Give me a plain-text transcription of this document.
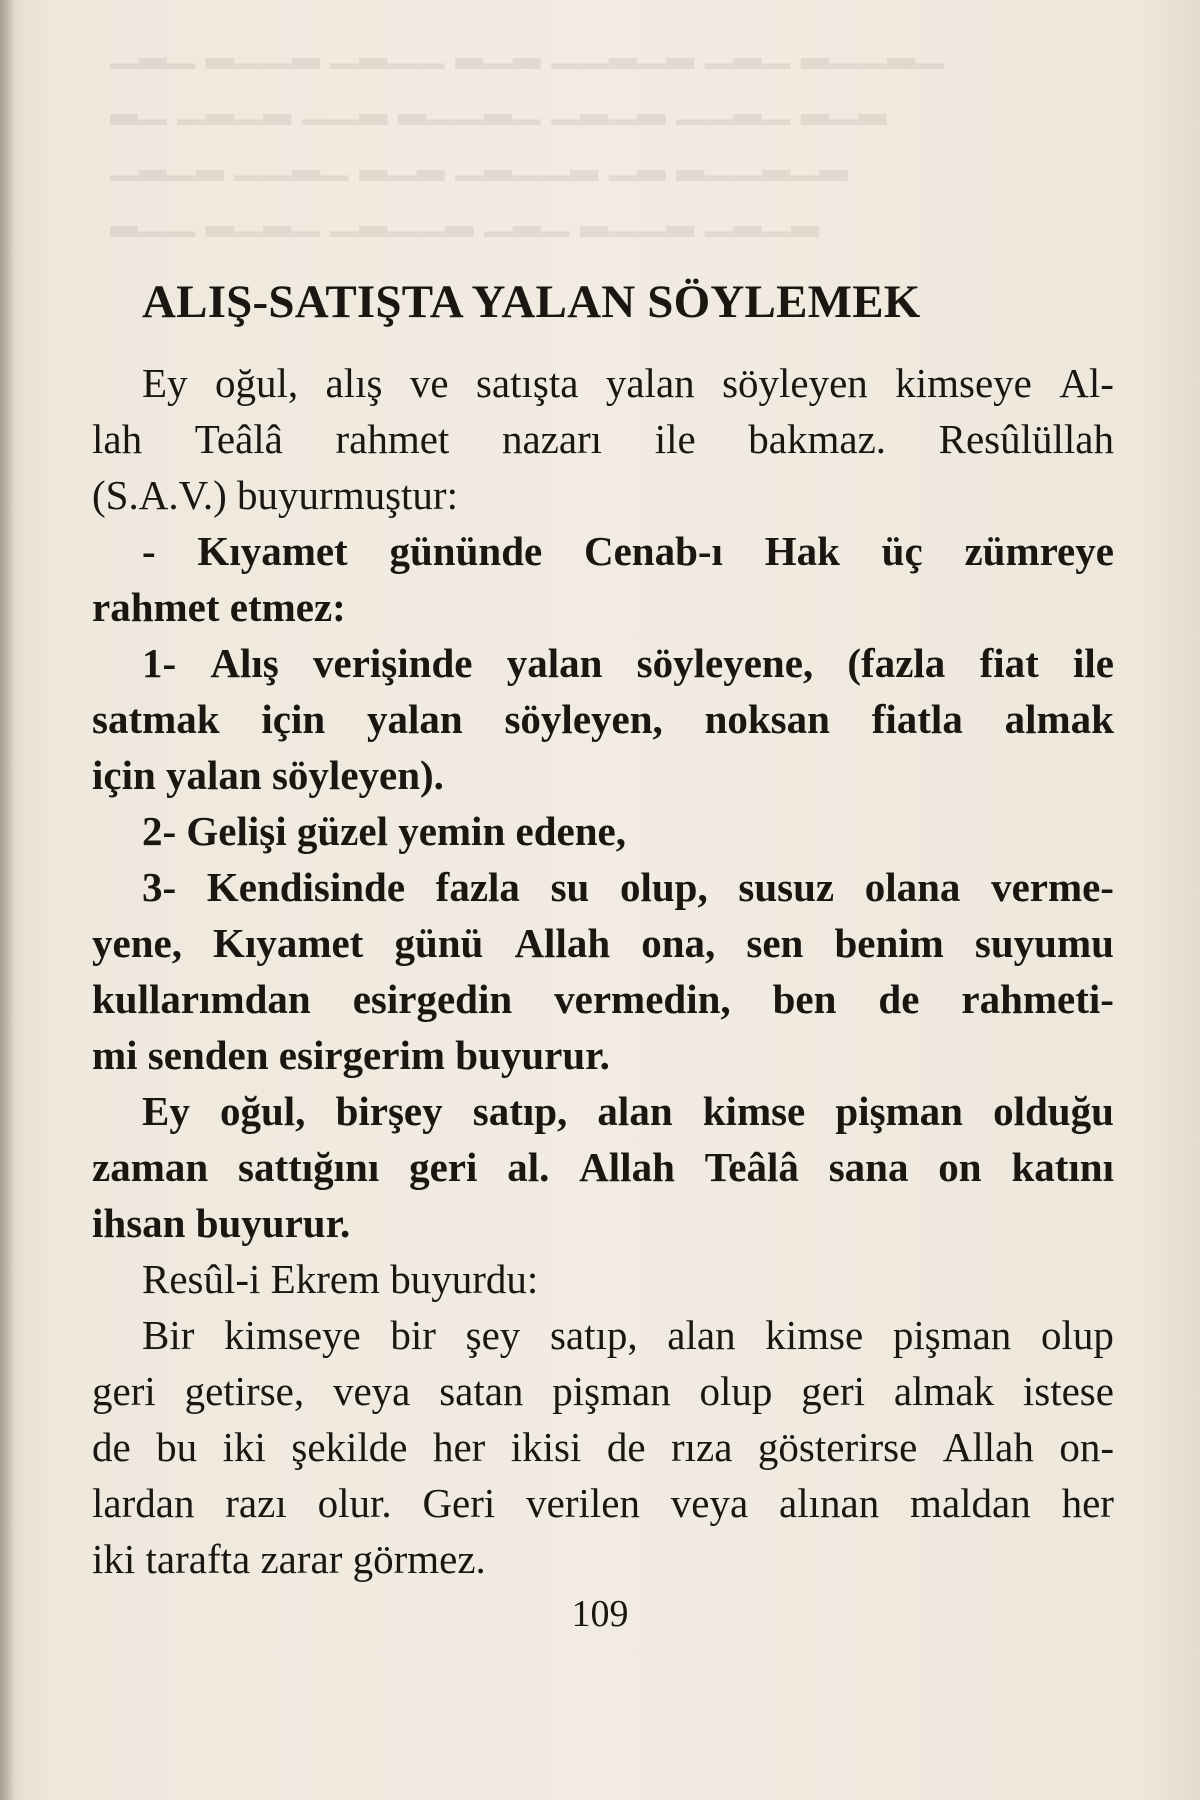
▁▂▁ ▂▁▁▂ ▁▂▁▁ ▂▁▂ ▁▁▂▁▂ ▁▂▁ ▂▁▁▂▁
▂▁ ▁▂▁▂ ▁▁▂ ▂▁▁▂▁ ▁▂▁▂ ▁▁▂▁ ▂▁▂
▁▂▁▂ ▁▁▂▁ ▂▁▂ ▁▂▁▁▂ ▁▂ ▂▁▁▂▁▂
▂▁▁ ▂▁▂▁ ▁▂▁▁▂ ▁▂▁ ▂▁▁▂ ▁▂▁▂
ALIŞ-SATIŞTA YALAN SÖYLEMEK
Ey oğul, alış ve satışta yalan söyleyen kimseye Al-
lah Teâlâ rahmet nazarı ile bakmaz. Resûlüllah
(S.A.V.) buyurmuştur:
- Kıyamet gününde Cenab-ı Hak üç zümreye
rahmet etmez:
1- Alış verişinde yalan söyleyene, (fazla fiat ile
satmak için yalan söyleyen, noksan fiatla almak
için yalan söyleyen).
2- Gelişi güzel yemin edene,
3- Kendisinde fazla su olup, susuz olana verme-
yene, Kıyamet günü Allah ona, sen benim suyumu
kullarımdan esirgedin vermedin, ben de rahmeti-
mi senden esirgerim buyurur.
Ey oğul, birşey satıp, alan kimse pişman olduğu
zaman sattığını geri al. Allah Teâlâ sana on katını
ihsan buyurur.
Resûl-i Ekrem buyurdu:
Bir kimseye bir şey satıp, alan kimse pişman olup
geri getirse, veya satan pişman olup geri almak istese
de bu iki şekilde her ikisi de rıza gösterirse Allah on-
lardan razı olur. Geri verilen veya alınan maldan her
iki tarafta zarar görmez.
109
